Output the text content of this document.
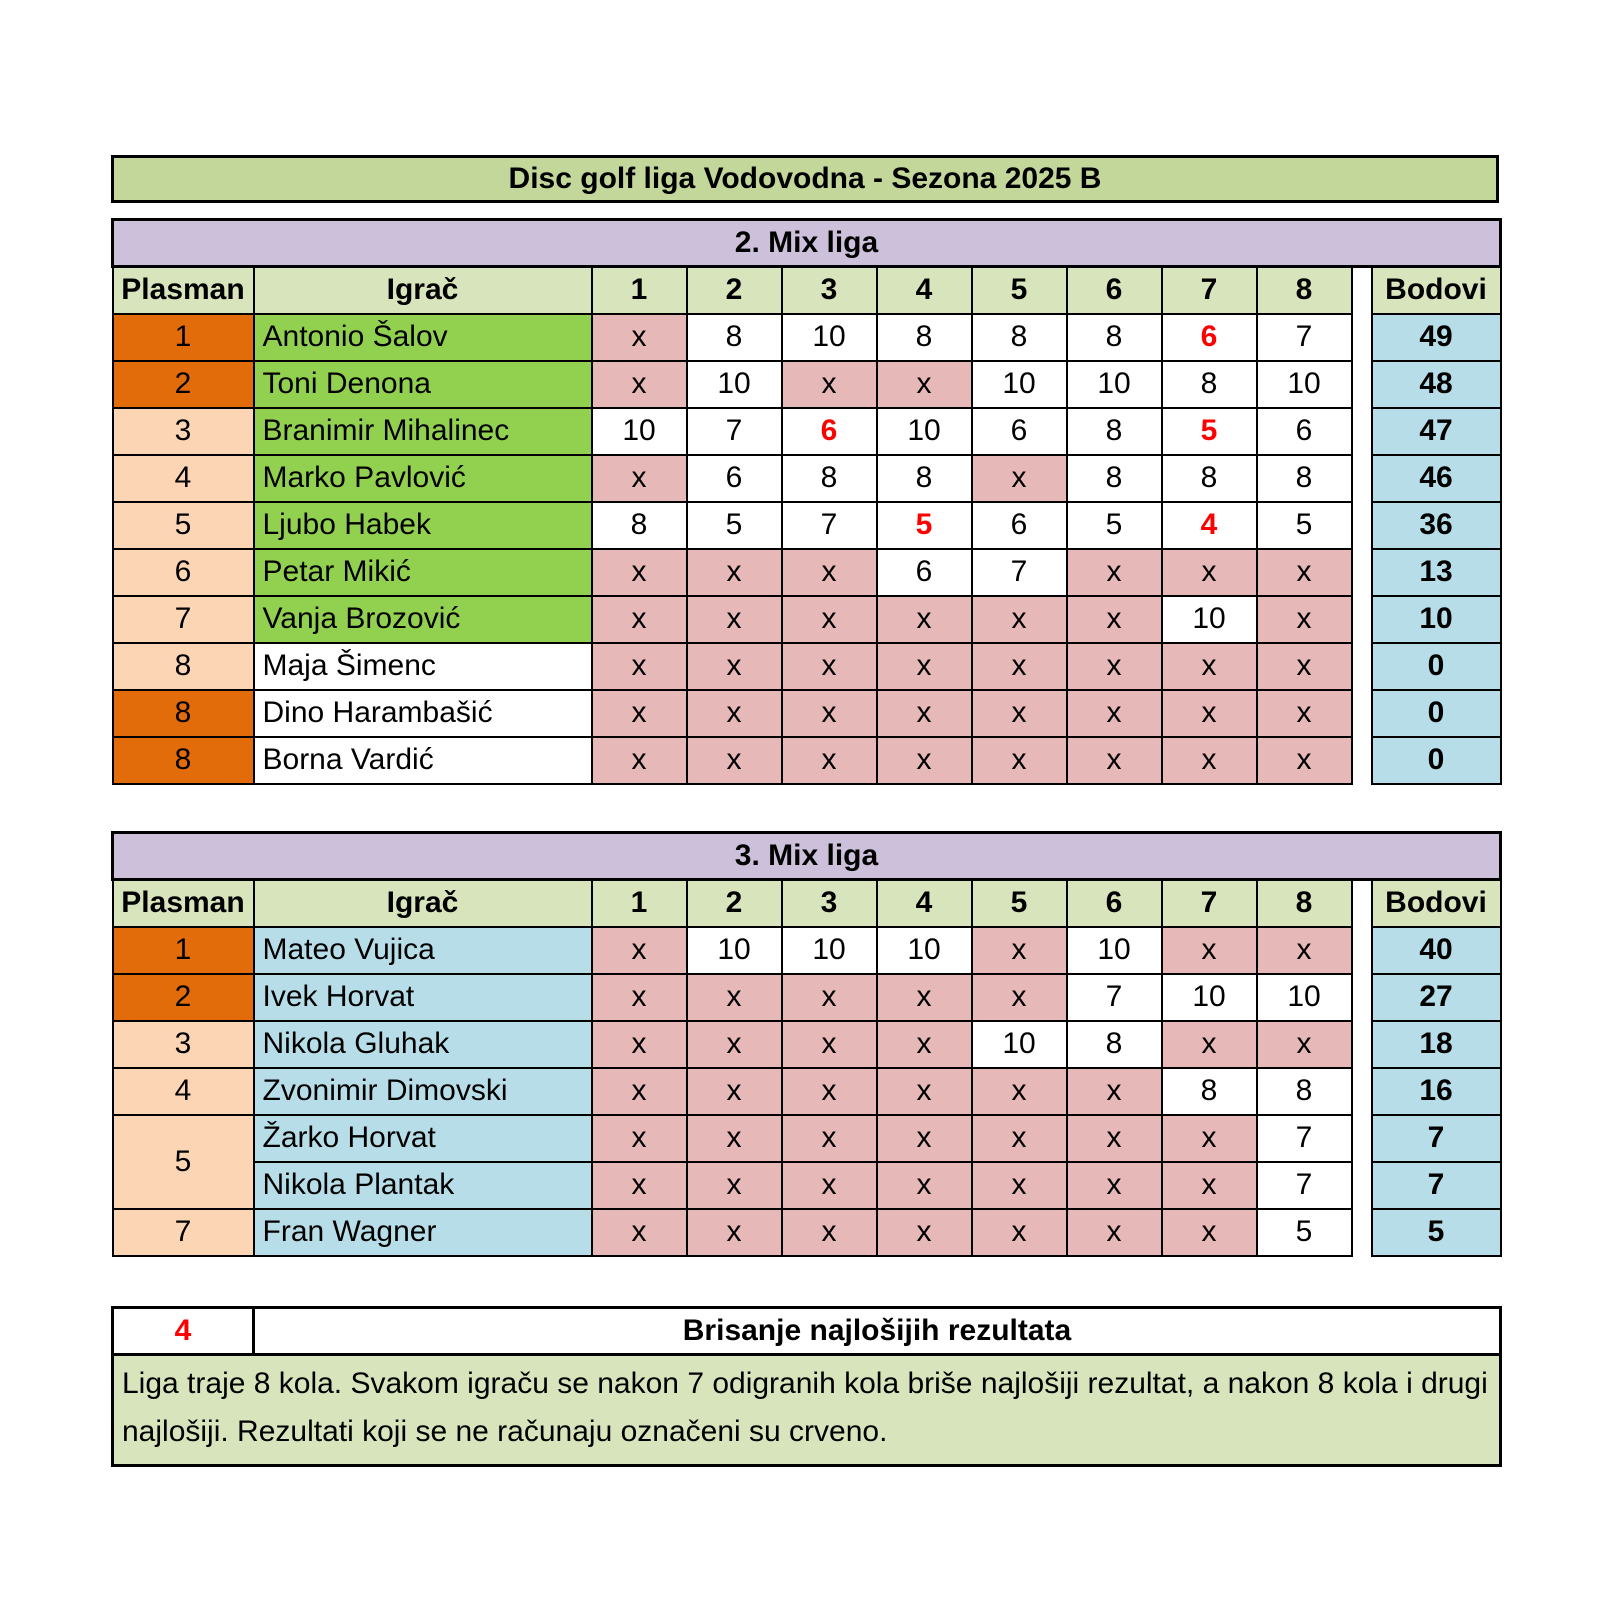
Disc golf liga Vodovodna - Sezona 2025 B
2. Mix liga											
Plasman	Igrač	1	2	3	4	5	6	7	8		Bodovi
1	Antonio Šalov	x	8	10	8	8	8	6	7		49
2	Toni Denona	x	10	x	x	10	10	8	10		48
3	Branimir Mihalinec	10	7	6	10	6	8	5	6		47
4	Marko Pavlović	x	6	8	8	x	8	8	8		46
5	Ljubo Habek	8	5	7	5	6	5	4	5		36
6	Petar Mikić	x	x	x	6	7	x	x	x		13
7	Vanja Brozović	x	x	x	x	x	x	10	x		10
8	Maja Šimenc	x	x	x	x	x	x	x	x		0
8	Dino Harambašić	x	x	x	x	x	x	x	x		0
8	Borna Vardić	x	x	x	x	x	x	x	x		0
3. Mix liga											
Plasman	Igrač	1	2	3	4	5	6	7	8		Bodovi
1	Mateo Vujica	x	10	10	10	x	10	x	x		40
2	Ivek Horvat	x	x	x	x	x	7	10	10		27
3	Nikola Gluhak	x	x	x	x	10	8	x	x		18
4	Zvonimir Dimovski	x	x	x	x	x	x	8	8		16
5	Žarko Horvat	x	x	x	x	x	x	x	7		7
	Nikola Plantak	x	x	x	x	x	x	x	7		7
7	Fran Wagner	x	x	x	x	x	x	x	5		5
4	Brisanje najlošijih rezultata
Liga traje 8 kola. Svakom igraču se nakon 7 odigranih kola briše najlošiji rezultat, a nakon 8 kola i drugi najlošiji. Rezultati koji se ne računaju označeni su crveno.
